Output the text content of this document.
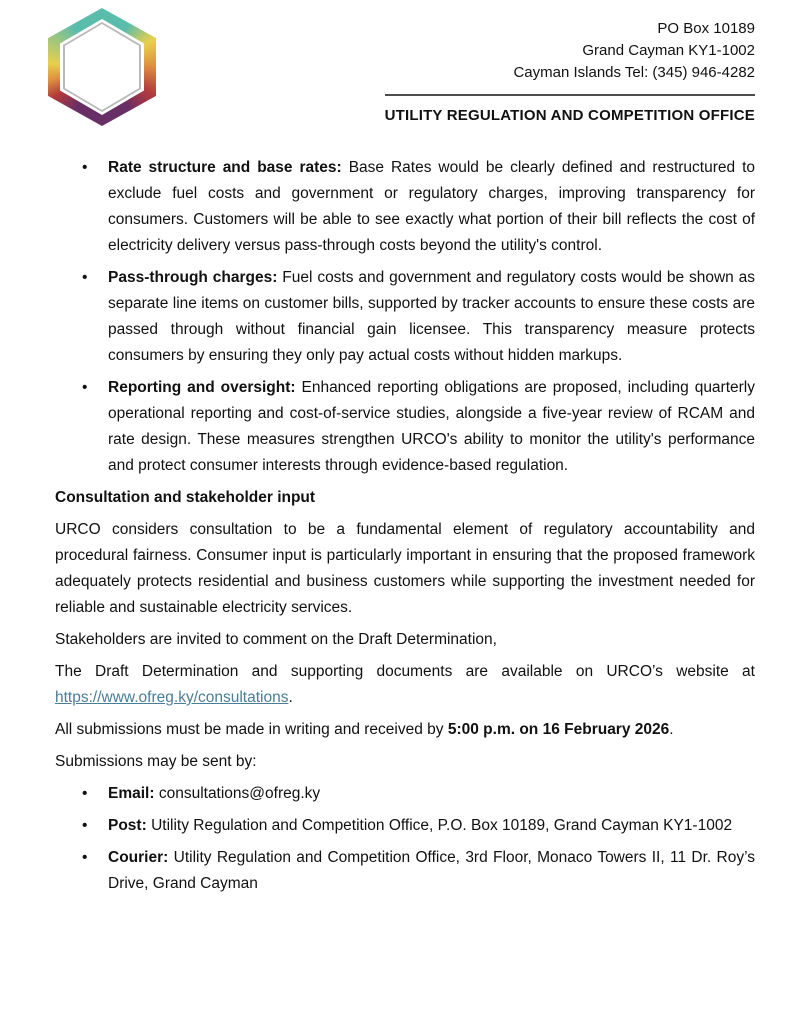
PO Box 10189
Grand Cayman KY1-1002
Cayman Islands Tel: (345) 946-4282
UTILITY REGULATION AND COMPETITION OFFICE
• Rate structure and base rates: Base Rates would be clearly defined and restructured to exclude fuel costs and government or regulatory charges, improving transparency for consumers. Customers will be able to see exactly what portion of their bill reflects the cost of electricity delivery versus pass-through costs beyond the utility's control.
• Pass-through charges: Fuel costs and government and regulatory costs would be shown as separate line items on customer bills, supported by tracker accounts to ensure these costs are passed through without financial gain licensee. This transparency measure protects consumers by ensuring they only pay actual costs without hidden markups.
• Reporting and oversight: Enhanced reporting obligations are proposed, including quarterly operational reporting and cost-of-service studies, alongside a five-year review of RCAM and rate design. These measures strengthen URCO's ability to monitor the utility's performance and protect consumer interests through evidence-based regulation.
Consultation and stakeholder input

URCO considers consultation to be a fundamental element of regulatory accountability and procedural fairness. Consumer input is particularly important in ensuring that the proposed framework adequately protects residential and business customers while supporting the investment needed for reliable and sustainable electricity services.

Stakeholders are invited to comment on the Draft Determination,

The Draft Determination and supporting documents are available on URCO’s website at https://www.ofreg.ky/consultations.

All submissions must be made in writing and received by 5:00 p.m. on 16 February 2026.

Submissions may be sent by:

• Email: consultations@ofreg.ky
• Post: Utility Regulation and Competition Office, P.O. Box 10189, Grand Cayman KY1-1002
• Courier: Utility Regulation and Competition Office, 3rd Floor, Monaco Towers II, 11 Dr. Roy’s Drive, Grand Cayman
